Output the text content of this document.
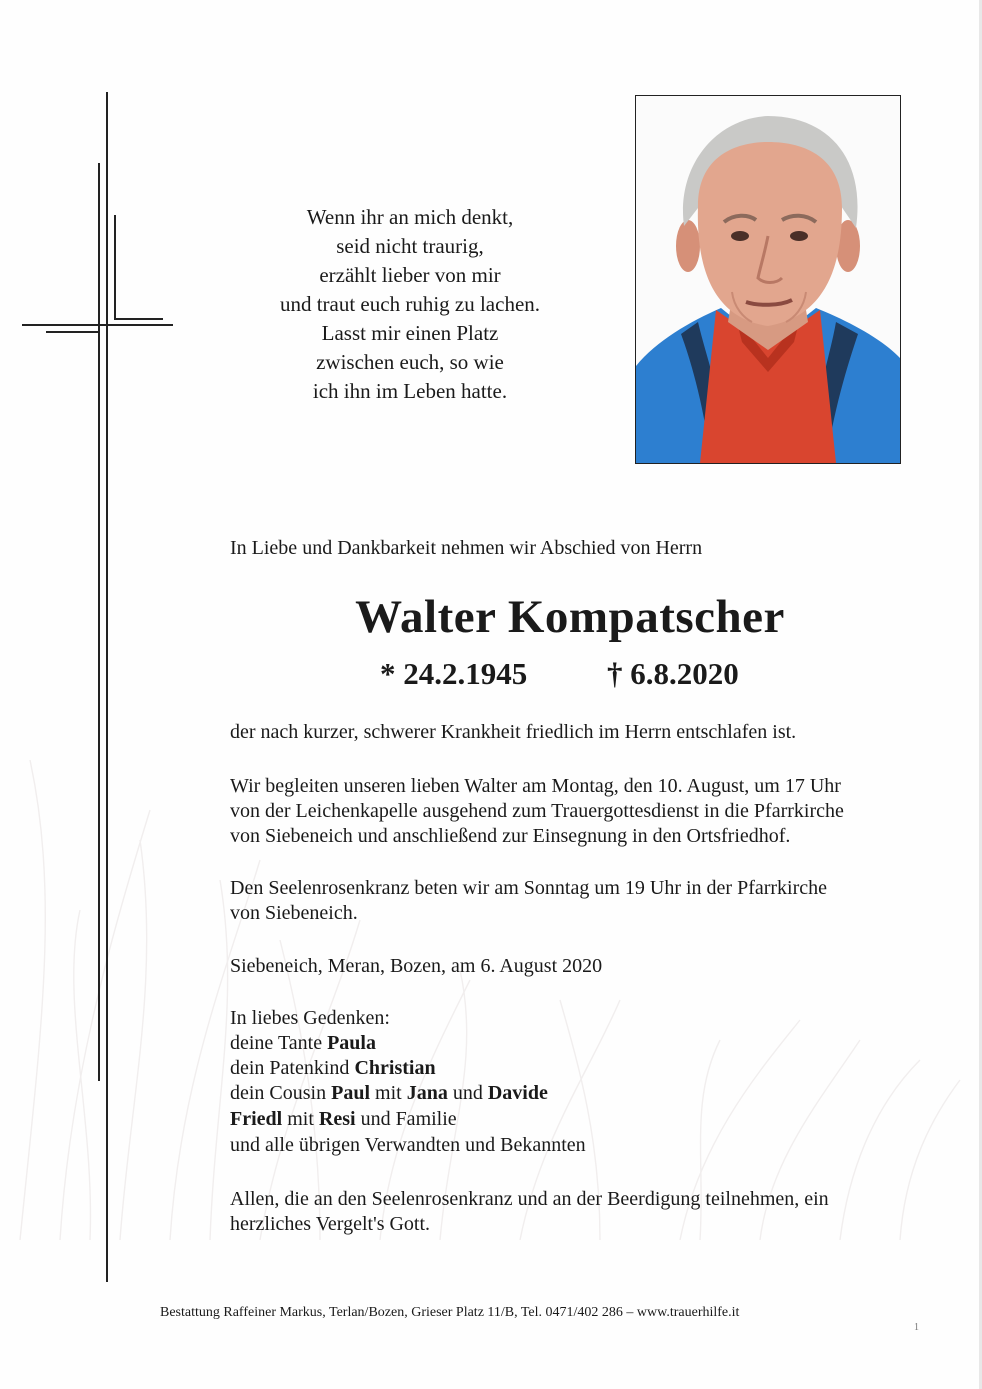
Wenn ihr an mich denkt,
seid nicht traurig,
erzählt lieber von mir
und traut euch ruhig zu lachen.
Lasst mir einen Platz
zwischen euch, so wie
ich ihn im Leben hatte.
In Liebe und Dankbarkeit nehmen wir Abschied von Herrn
Walter Kompatscher
* 24.2.1945	† 6.8.2020
der nach kurzer, schwerer Krankheit friedlich im Herrn entschlafen ist.
Wir begleiten unseren lieben Walter am Montag, den 10. August, um 17 Uhr
von der Leichenkapelle ausgehend zum Trauergottesdienst in die Pfarrkirche
von Siebeneich und anschließend zur Einsegnung in den Ortsfriedhof.
Den Seelenrosenkranz beten wir am Sonntag um 19 Uhr in der Pfarrkirche
von Siebeneich.
Siebeneich, Meran, Bozen, am 6. August 2020
In liebes Gedenken:
deine Tante Paula
dein Patenkind Christian
dein Cousin Paul mit Jana und Davide
Friedl mit Resi und Familie
und alle übrigen Verwandten und Bekannten
Allen, die an den Seelenrosenkranz und an der Beerdigung teilnehmen, ein
herzliches Vergelt's Gott.
Bestattung Raffeiner Markus, Terlan/Bozen, Grieser Platz 11/B, Tel. 0471/402 286 – www.trauerhilfe.it
1
